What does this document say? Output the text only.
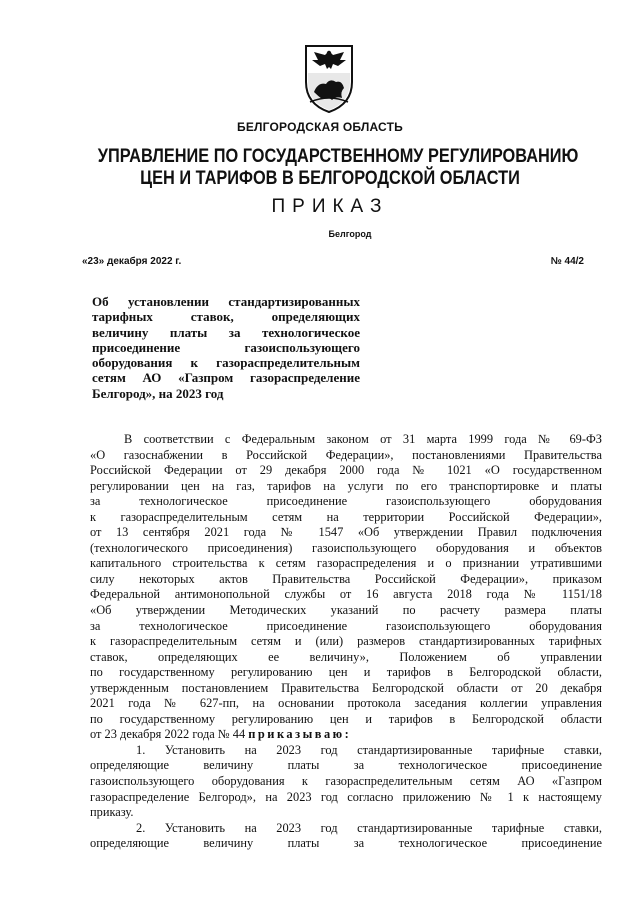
БЕЛГОРОДСКАЯ ОБЛАСТЬ
УПРАВЛЕНИЕ ПО ГОСУДАРСТВЕННОМУ РЕГУЛИРОВАНИЮ
ЦЕН И ТАРИФОВ В БЕЛГОРОДСКОЙ ОБЛАСТИ
ПРИКАЗ
Белгород
«23» декабря 2022 г.	№ 44/2
Об установлении стандартизированных
тарифных ставок, определяющих
величину платы за технологическое
присоединение газоиспользующего
оборудования к газораспределительным
сетям АО «Газпром газораспределение
Белгород», на 2023 год
В соответствии с Федеральным законом от 31 марта 1999 года № 69-ФЗ
«О газоснабжении в Российской Федерации», постановлениями Правительства
Российской Федерации от 29 декабря 2000 года № 1021 «О государственном
регулировании цен на газ, тарифов на услуги по его транспортировке и платы
за технологическое присоединение газоиспользующего оборудования
к газораспределительным сетям на территории Российской Федерации»,
от 13 сентября 2021 года № 1547 «Об утверждении Правил подключения
(технологического присоединения) газоиспользующего оборудования и объектов
капитального строительства к сетям газораспределения и о признании утратившими
силу некоторых актов Правительства Российской Федерации», приказом
Федеральной антимонопольной службы от 16 августа 2018 года № 1151/18
«Об утверждении Методических указаний по расчету размера платы
за технологическое присоединение газоиспользующего оборудования
к газораспределительным сетям и (или) размеров стандартизированных тарифных
ставок, определяющих ее величину», Положением об управлении
по государственному регулированию цен и тарифов в Белгородской области,
утвержденным постановлением Правительства Белгородской области от 20 декабря
2021 года № 627-пп, на основании протокола заседания коллегии управления
по государственному регулированию цен и тарифов в Белгородской области
от 23 декабря 2022 года № 44 приказываю:
1. Установить на 2023 год стандартизированные тарифные ставки,
определяющие величину платы за технологическое присоединение
газоиспользующего оборудования к газораспределительным сетям АО «Газпром
газораспределение Белгород», на 2023 год согласно приложению № 1 к настоящему
приказу.
2. Установить на 2023 год стандартизированные тарифные ставки,
определяющие величину платы за технологическое присоединение
